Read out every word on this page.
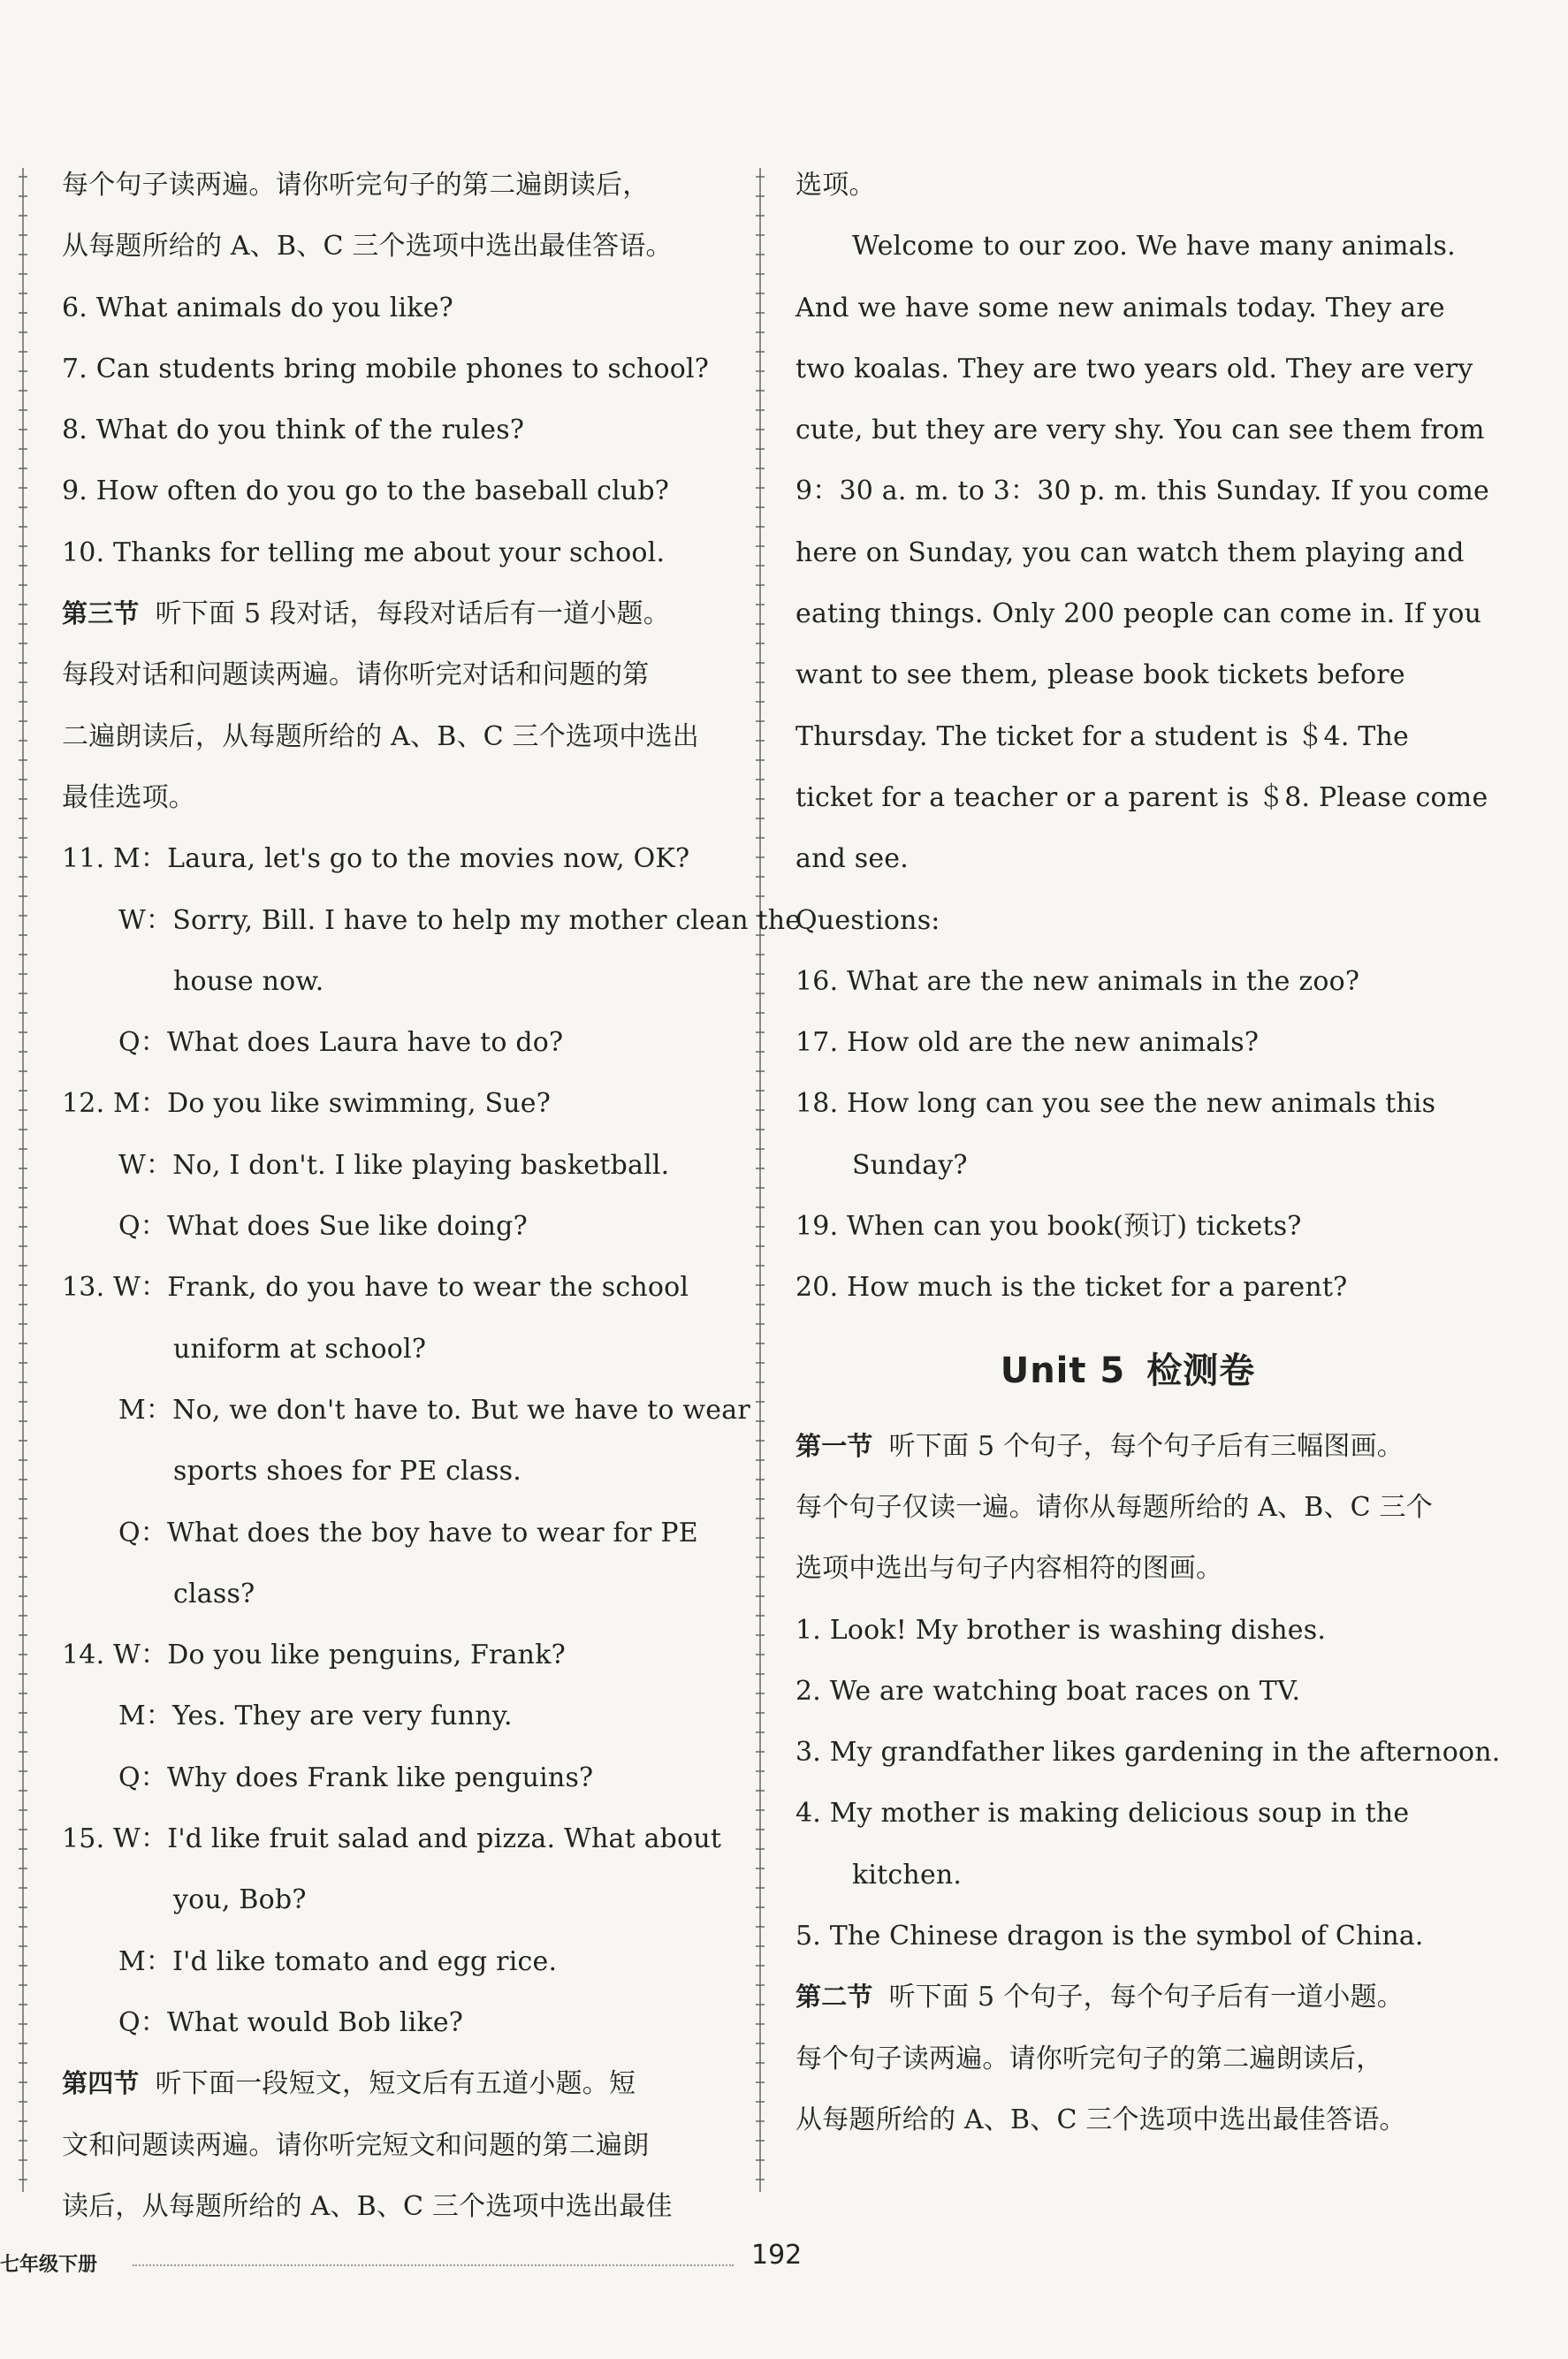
每个句子读两遍。请你听完句子的第二遍朗读后，
从每题所给的 A、B、C 三个选项中选出最佳答语。
6. What animals do you like?
7. Can students bring mobile phones to school?
8. What do you think of the rules?
9. How often do you go to the baseball club?
10. Thanks for telling me about your school.
第三节 听下面 5 段对话，每段对话后有一道小题。
每段对话和问题读两遍。请你听完对话和问题的第
二遍朗读后，从每题所给的 A、B、C 三个选项中选出
最佳选项。
11. M：Laura, let's go to the movies now, OK?
W：Sorry, Bill. I have to help my mother clean the
house now.
Q：What does Laura have to do?
12. M：Do you like swimming, Sue?
W：No, I don't. I like playing basketball.
Q：What does Sue like doing?
13. W：Frank, do you have to wear the school
uniform at school?
M：No, we don't have to. But we have to wear
sports shoes for PE class.
Q：What does the boy have to wear for PE
class?
14. W：Do you like penguins, Frank?
M：Yes. They are very funny.
Q：Why does Frank like penguins?
15. W：I'd like fruit salad and pizza. What about
you, Bob?
M：I'd like tomato and egg rice.
Q：What would Bob like?
第四节 听下面一段短文，短文后有五道小题。短
文和问题读两遍。请你听完短文和问题的第二遍朗
读后，从每题所给的 A、B、C 三个选项中选出最佳
选项。
Welcome to our zoo. We have many animals.
And we have some new animals today. They are
two koalas. They are two years old. They are very
cute, but they are very shy. You can see them from
9：30 a. m. to 3：30 p. m. this Sunday. If you come
here on Sunday, you can watch them playing and
eating things. Only 200 people can come in. If you
want to see them, please book tickets before
Thursday. The ticket for a student is ＄4. The
ticket for a teacher or a parent is ＄8. Please come
and see.
Questions:
16. What are the new animals in the zoo?
17. How old are the new animals?
18. How long can you see the new animals this
Sunday?
19. When can you book(预订) tickets?
20. How much is the ticket for a parent?
Unit 5 检测卷
第一节 听下面 5 个句子，每个句子后有三幅图画。
每个句子仅读一遍。请你从每题所给的 A、B、C 三个
选项中选出与句子内容相符的图画。
1. Look! My brother is washing dishes.
2. We are watching boat races on TV.
3. My grandfather likes gardening in the afternoon.
4. My mother is making delicious soup in the
kitchen.
5. The Chinese dragon is the symbol of China.
第二节 听下面 5 个句子，每个句子后有一道小题。
每个句子读两遍。请你听完句子的第二遍朗读后，
从每题所给的 A、B、C 三个选项中选出最佳答语。
七年级下册	192
